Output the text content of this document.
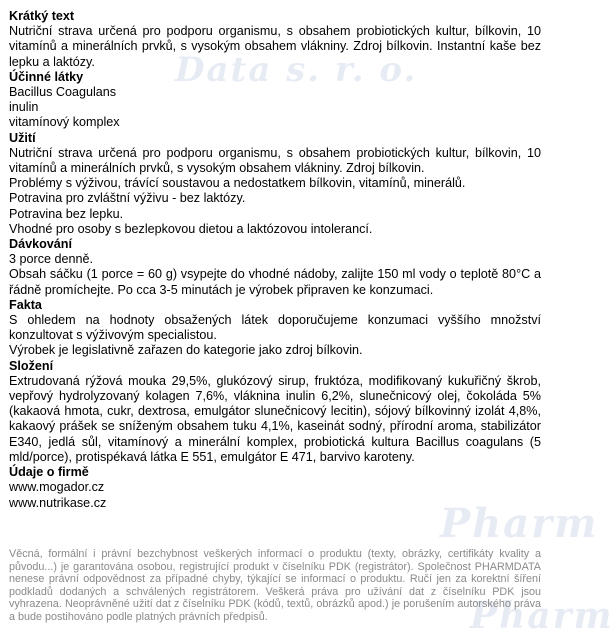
Data s. r. o.
Pharm
Pharm
Krátký text

Nutriční strava určená pro podporu organismu, s obsahem probiotických kultur, bílkovin, 10 vitamínů a minerálních prvků, s vysokým obsahem vlákniny. Zdroj bílkovin. Instantní kaše bez lepku a laktózy.

Účinné látky
Bacillus Coagulans
inulin
vitamínový komplex
Užití

Nutriční strava určená pro podporu organismu, s obsahem probiotických kultur, bílkovin, 10 vitamínů a minerálních prvků, s vysokým obsahem vlákniny. Zdroj bílkovin.

Problémy s výživou, trávící soustavou a nedostatkem bílkovin, vitamínů, minerálů.
Potravina pro zvláštní výživu - bez laktózy.
Potravina bez lepku.
Vhodné pro osoby s bezlepkovou dietou a laktózovou intolerancí.
Dávkování
3 porce denně.

Obsah sáčku (1 porce = 60 g) vsypejte do vhodné nádoby, zalijte 150 ml vody o teplotě 80°C a řádně promíchejte. Po cca 3-5 minutách je výrobek připraven ke konzumaci.

Fakta

S ohledem na hodnoty obsažených látek doporučujeme konzumaci vyššího množství konzultovat s výživovým specialistou.

Výrobek je legislativně zařazen do kategorie jako zdroj bílkovin.
Složení

Extrudovaná rýžová mouka 29,5%, glukózový sirup, fruktóza, modifikovaný kukuřičný škrob, vepřový hydrolyzovaný kolagen 7,6%, vláknina inulin 6,2%, slunečnicový olej, čokoláda 5% (kakaová hmota, cukr, dextrosa, emulgátor slunečnicový lecitin), sójový bílkovinný izolát 4,8%, kakaový prášek se sníženým obsahem tuku 4,1%, kaseinát sodný, přírodní aroma, stabilizátor E340, jedlá sůl, vitamínový a minerální komplex, probiotická kultura Bacillus coagulans (5 mld/porce), protispékavá látka E 551, emulgátor E 471, barvivo karoteny.

Údaje o firmě
www.mogador.cz
www.nutrikase.cz

Věcná, formální i právní bezchybnost veškerých informací o produktu (texty, obrázky, certifikáty kvality a původu...) je garantována osobou, registrující produkt v číselníku PDK (registrátor). Společnost PHARMDATA nenese právní odpovědnost za případné chyby, týkající se informací o produktu. Ručí jen za korektní šíření podkladů dodaných a schválených registrátorem. Veškerá práva pro užívání dat z číselníku PDK jsou vyhrazena. Neoprávněné užití dat z číselníku PDK (kódů, textů, obrázků apod.) je porušením autorského práva a bude postihováno podle platných právních předpisů.
